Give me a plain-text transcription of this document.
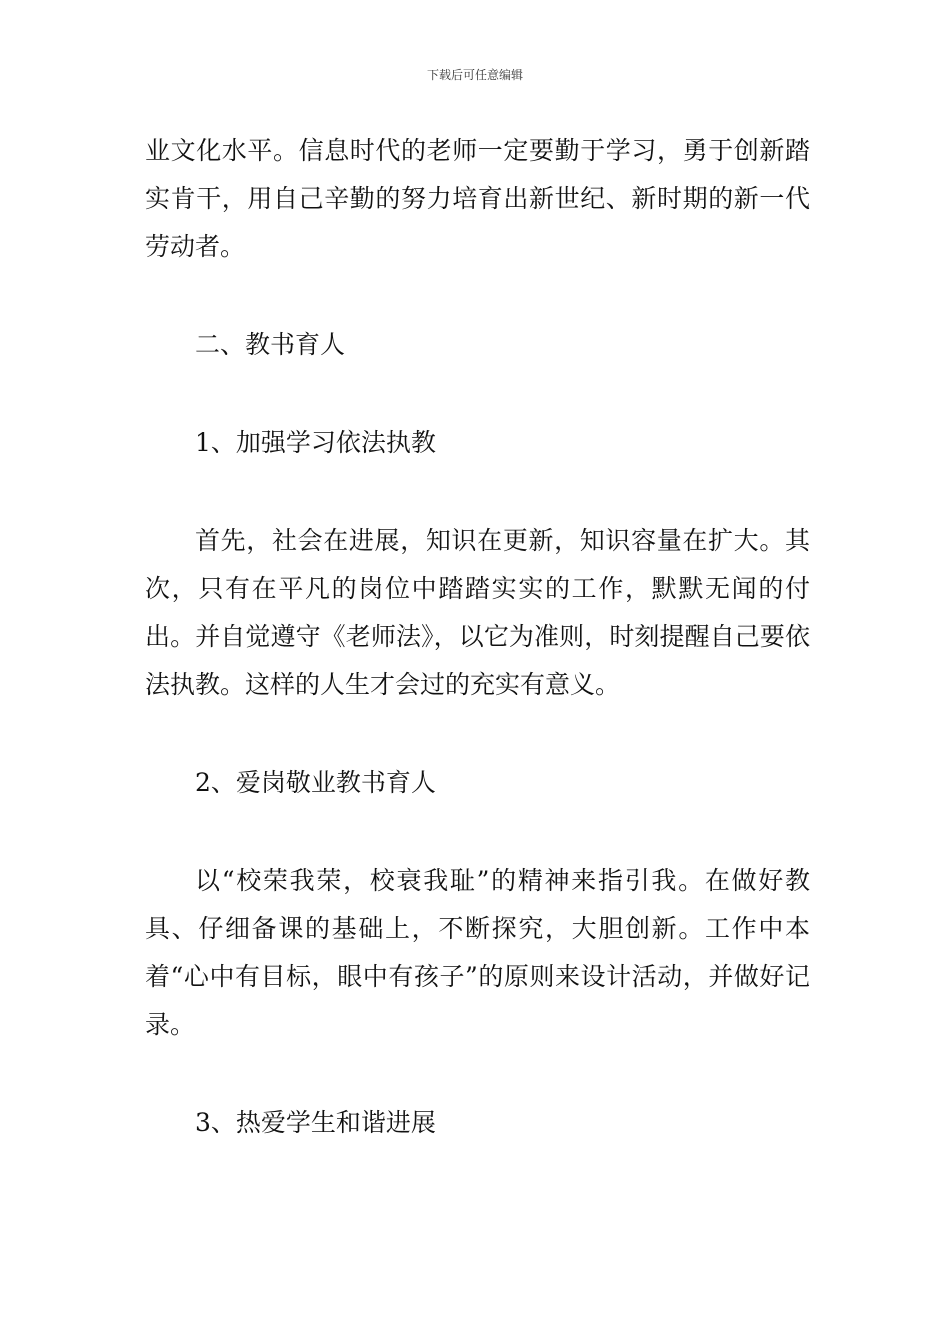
下载后可任意编辑

业文化水平。信息时代的老师一定要勤于学习，勇于创新踏实肯干，用自己辛勤的努力培育出新世纪、新时期的新一代劳动者。

二、教书育人

1、加强学习依法执教

首先，社会在进展，知识在更新，知识容量在扩大。其次，只有在平凡的岗位中踏踏实实的工作，默默无闻的付出。并自觉遵守《老师法》，以它为准则，时刻提醒自己要依法执教。这样的人生才会过的充实有意义。

2、爱岗敬业教书育人

以“校荣我荣，校衰我耻”的精神来指引我。在做好教具、仔细备课的基础上，不断探究，大胆创新。工作中本着“心中有目标，眼中有孩子”的原则来设计活动，并做好记录。

3、热爱学生和谐进展
